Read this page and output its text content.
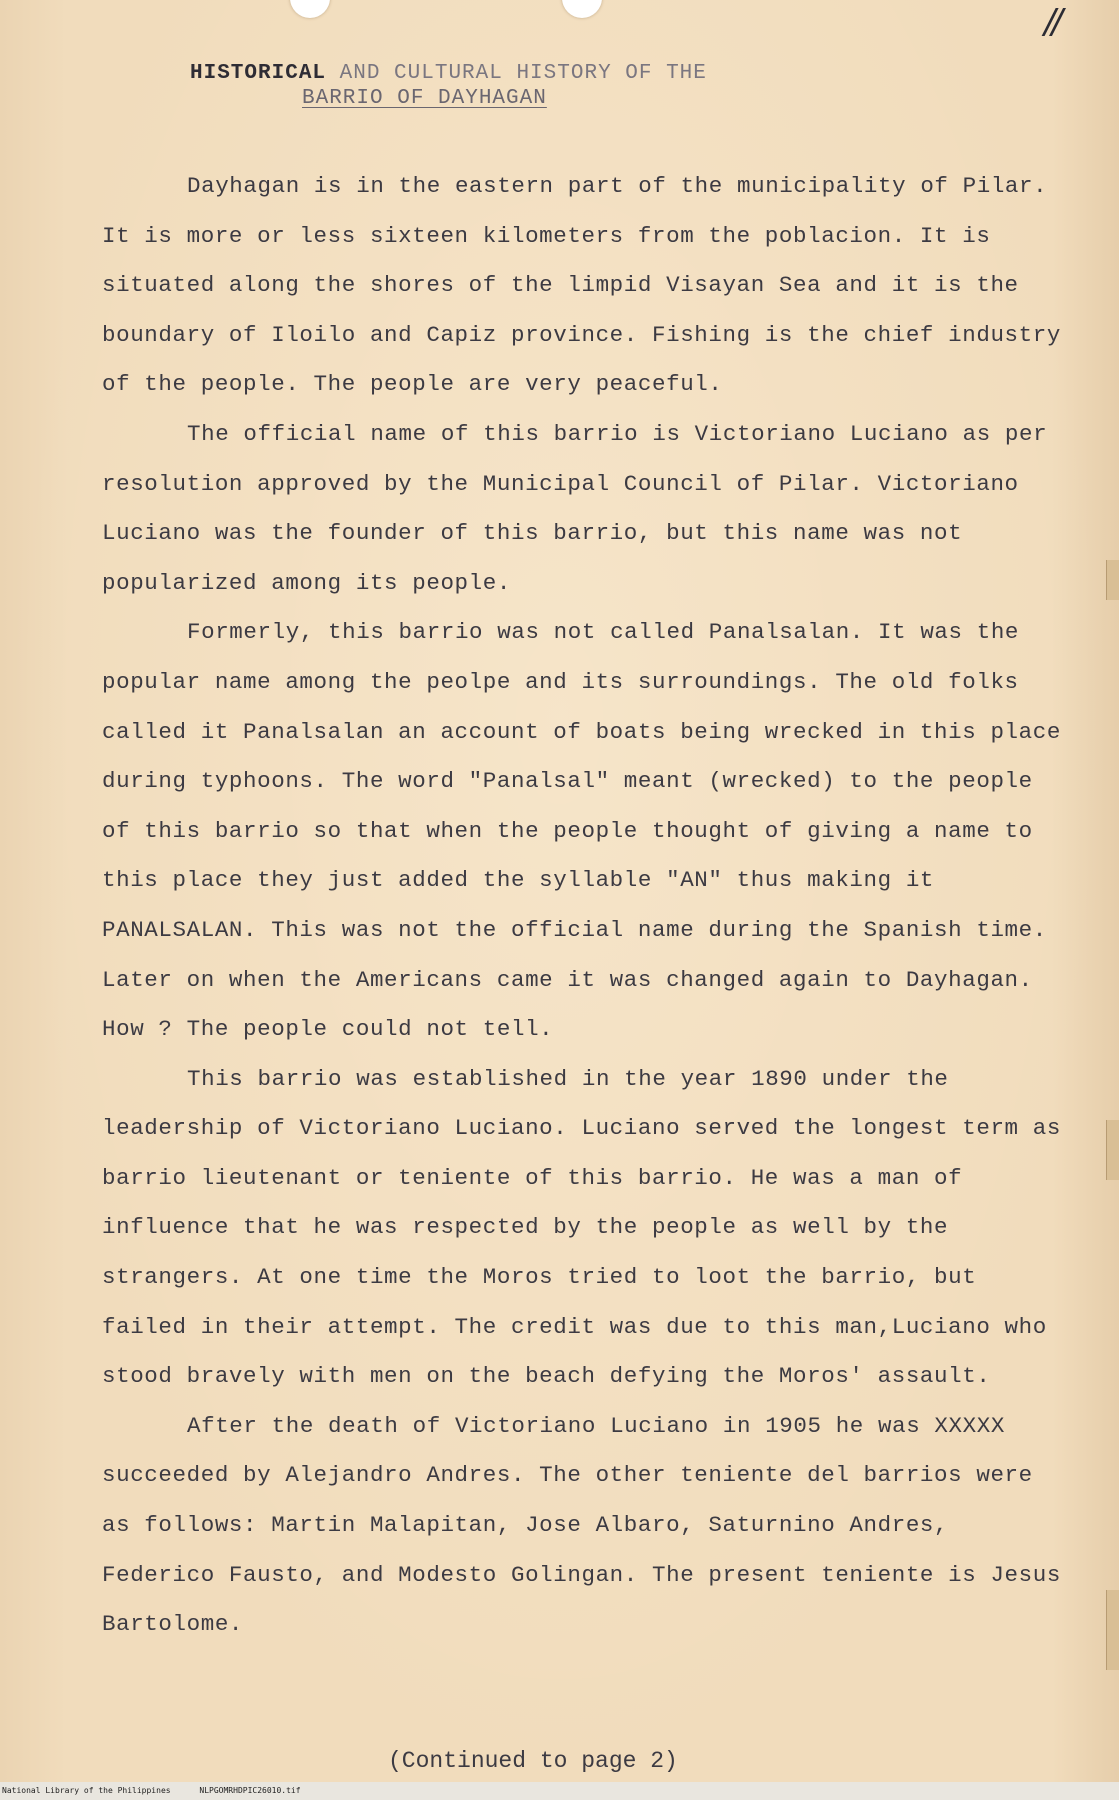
//
HISTORICAL AND CULTURAL HISTORY OF THE
BARRIO OF DAYHAGAN

Dayhagan is in the eastern part of the municipality of Pilar. It is more or less sixteen kilometers from the poblacion. It is situated along the shores of the limpid Visayan Sea and it is the boundary of Iloilo and Capiz province. Fishing is the chief industry of the people. The people are very peaceful.

The official name of this barrio is Victoriano Luciano as per resolution approved by the Municipal Council of Pilar. Victoriano Luciano was the founder of this barrio, but this name was not popularized among its people.

Formerly, this barrio was not called Panalsalan. It was the popular name among the peolpe and its surroundings. The old folks called it Panalsalan an account of boats being wrecked in this place during typhoons. The word "Panalsal" meant (wrecked) to the people of this barrio so that when the people thought of giving a name to this place they just added the syllable "AN" thus making it PANALSALAN. This was not the official name during the Spanish time. Later on when the Americans came it was changed again to Dayhagan. How ? The people could not tell.

This barrio was established in the year 1890 under the leadership of Victoriano Luciano. Luciano served the longest term as barrio lieutenant or teniente of this barrio. He was a man of influence that he was respected by the people as well by the strangers. At one time the Moros tried to loot the barrio, but failed in their attempt. The credit was due to this man,Luciano who stood bravely with men on the beach defying the Moros' assault.

After the death of Victoriano Luciano in 1905 he was XXXXX succeeded by Alejandro Andres. The other teniente del barrios were as follows: Martin Malapitan, Jose Albaro, Saturnino Andres, Federico Fausto, and Modesto Golingan. The present teniente is Jesus Bartolome.

(Continued to page 2)
National Library of the Philippines	NLPGOMRHDPIC26010.tif
